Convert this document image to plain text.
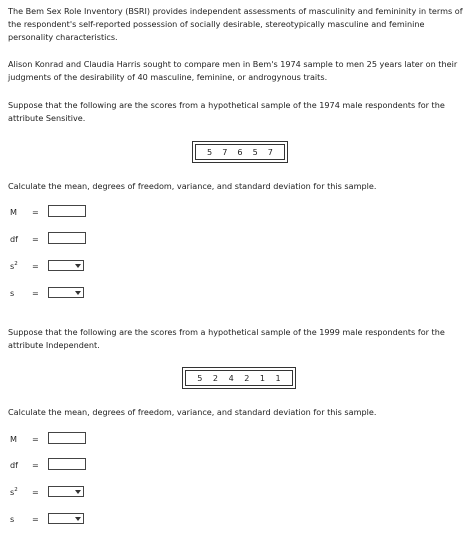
The Bem Sex Role Inventory (BSRI) provides independent assessments of masculinity and femininity in terms of the respondent's self-reported possession of socially desirable, stereotypically masculine and feminine personality characteristics.

Alison Konrad and Claudia Harris sought to compare men in Bem's 1974 sample to men 25 years later on their judgments of the desirability of 40 masculine, feminine, or androgynous traits.

Suppose that the following are the scores from a hypothetical sample of the 1974 male respondents for the attribute Sensitive.

5 7 6 5 7

Calculate the mean, degrees of freedom, variance, and standard deviation for this sample.

M =
df =
$s^2$ =
s =

Suppose that the following are the scores from a hypothetical sample of the 1999 male respondents for the attribute Independent.

5 2 4 2 1 1

Calculate the mean, degrees of freedom, variance, and standard deviation for this sample.

M =
df =
$s^2$ =
s =
